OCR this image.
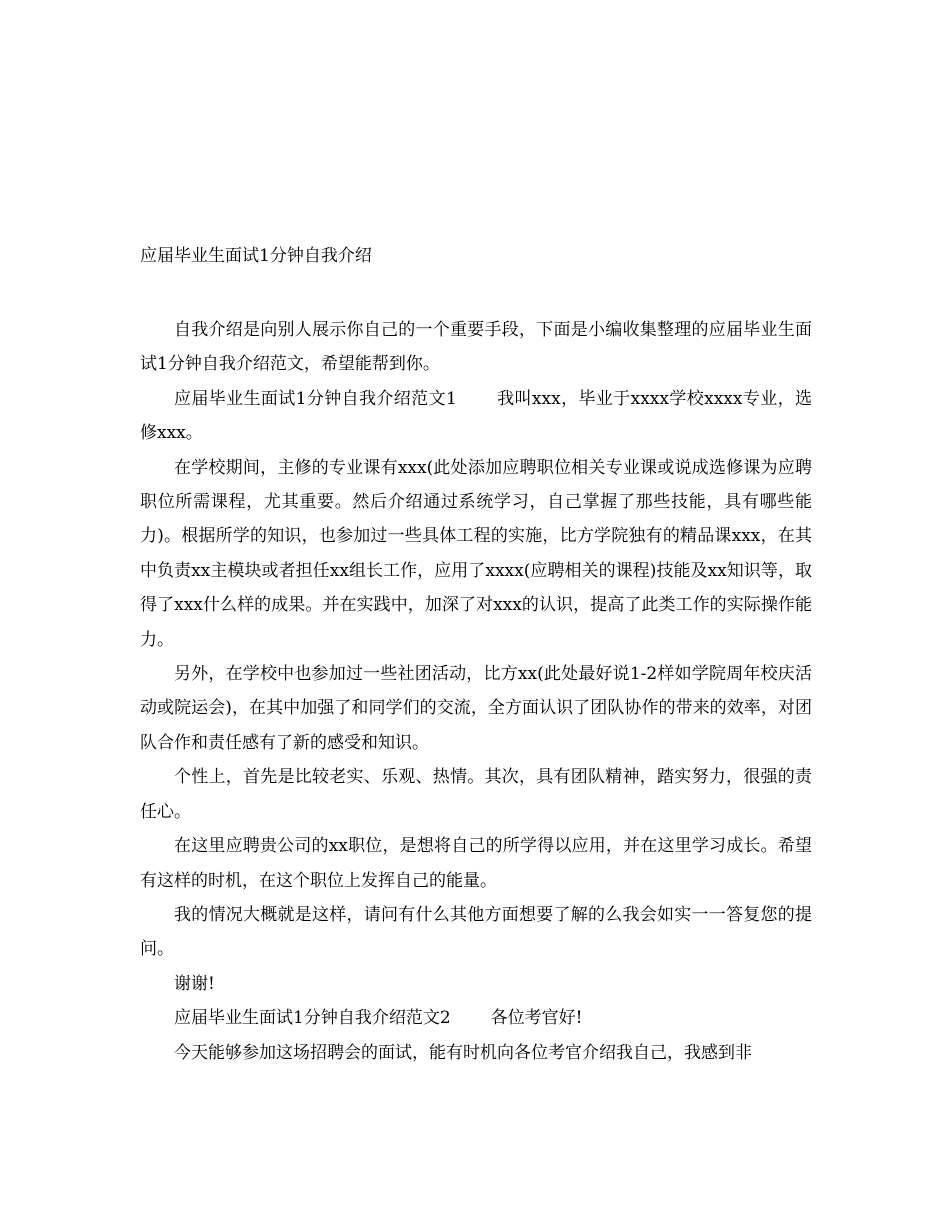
应届毕业生面试1分钟自我介绍

自我介绍是向别人展示你自己的一个重要手段，下面是小编收集整理的应届毕业生面试1分钟自我介绍范文，希望能帮到你。

应届毕业生面试1分钟自我介绍范文1 我叫xxx，毕业于xxxx学校xxxx专业，选修xxx。

在学校期间，主修的专业课有xxx(此处添加应聘职位相关专业课或说成选修课为应聘职位所需课程，尤其重要。然后介绍通过系统学习，自己掌握了那些技能，具有哪些能力)。根据所学的知识，也参加过一些具体工程的实施，比方学院独有的精品课xxx，在其中负责xx主模块或者担任xx组长工作，应用了xxxx(应聘相关的课程)技能及xx知识等，取得了xxx什么样的成果。并在实践中，加深了对xxx的认识，提高了此类工作的实际操作能力。

另外，在学校中也参加过一些社团活动，比方xx(此处最好说1-2样如学院周年校庆活动或院运会)，在其中加强了和同学们的交流，全方面认识了团队协作的带来的效率，对团队合作和责任感有了新的感受和知识。

个性上，首先是比较老实、乐观、热情。其次，具有团队精神，踏实努力，很强的责任心。

在这里应聘贵公司的xx职位，是想将自己的所学得以应用，并在这里学习成长。希望有这样的时机，在这个职位上发挥自己的能量。

我的情况大概就是这样，请问有什么其他方面想要了解的么我会如实一一答复您的提问。

谢谢!

应届毕业生面试1分钟自我介绍范文2 各位考官好!

今天能够参加这场招聘会的面试，能有时机向各位考官介绍我自己，我感到非
